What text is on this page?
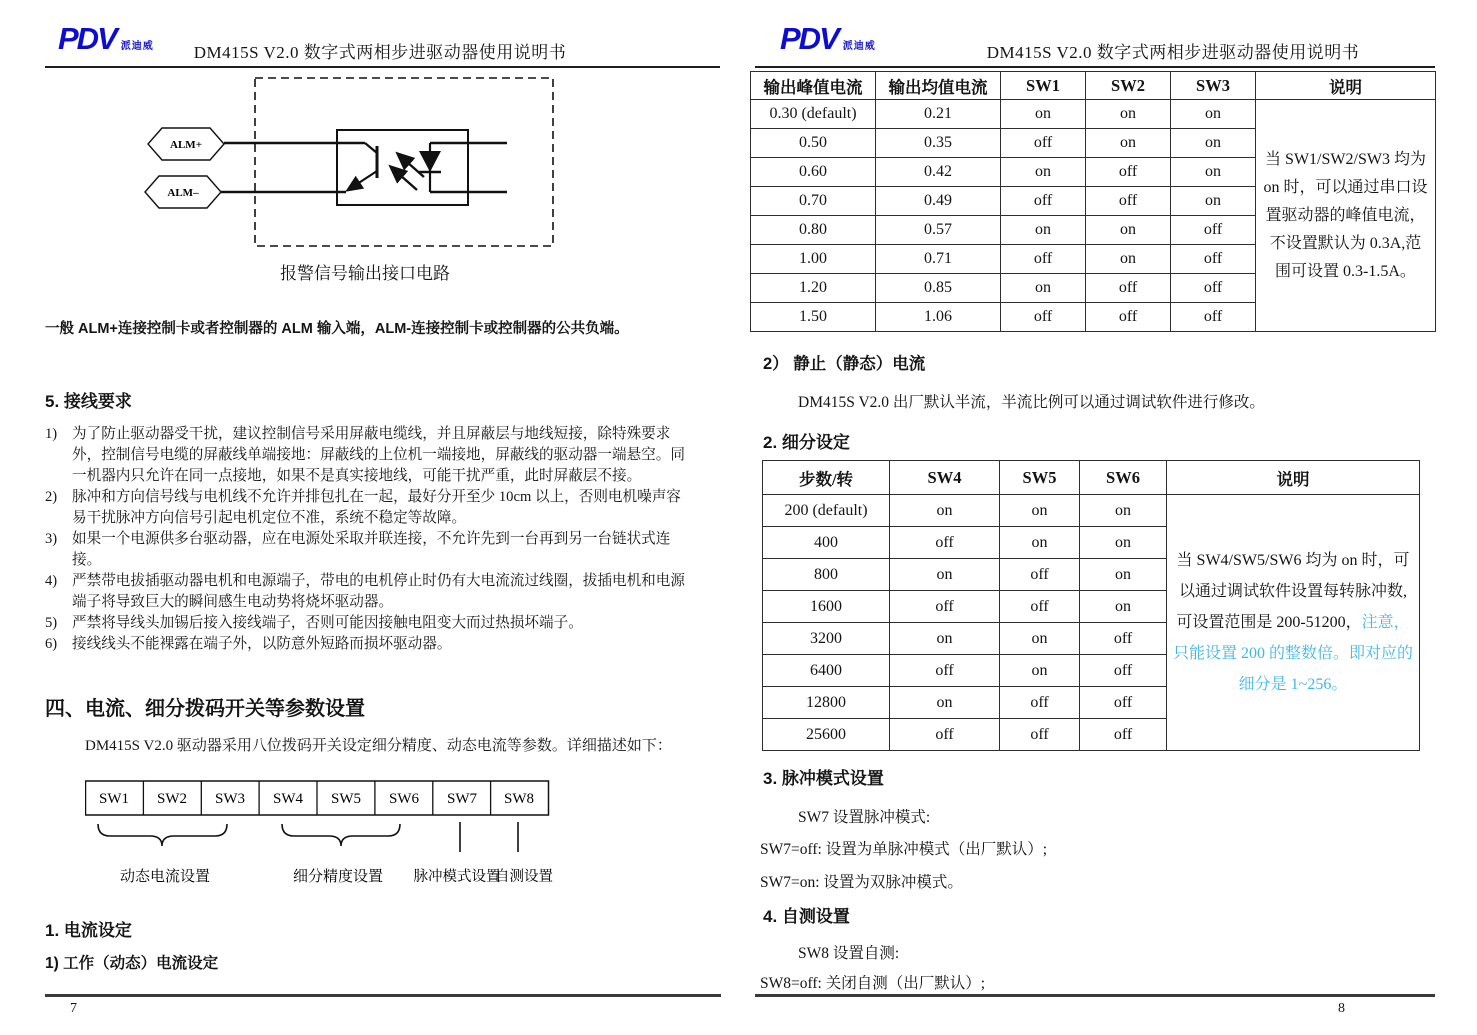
PDV 派迪威	DM415S V2.0 数字式两相步进驱动器使用说明书
ALM+
ALM–
报警信号输出接口电路
一般 ALM+连接控制卡或者控制器的 ALM 输入端，ALM-连接控制卡或控制器的公共负端。
5. 接线要求
1)	为了防止驱动器受干扰，建议控制信号采用屏蔽电缆线，并且屏蔽层与地线短接，除特殊要求外，控制信号电缆的屏蔽线单端接地：屏蔽线的上位机一端接地，屏蔽线的驱动器一端悬空。同一机器内只允许在同一点接地，如果不是真实接地线，可能干扰严重，此时屏蔽层不接。
2)	脉冲和方向信号线与电机线不允许并排包扎在一起，最好分开至少 10cm 以上，否则电机噪声容易干扰脉冲方向信号引起电机定位不准，系统不稳定等故障。
3)	如果一个电源供多台驱动器，应在电源处采取并联连接，不允许先到一台再到另一台链状式连接。
4)	严禁带电拔插驱动器电机和电源端子，带电的电机停止时仍有大电流流过线圈，拔插电机和电源端子将导致巨大的瞬间感生电动势将烧坏驱动器。
5)	严禁将导线头加锡后接入接线端子，否则可能因接触电阻变大而过热损坏端子。
6)	接线线头不能裸露在端子外，以防意外短路而损坏驱动器。
四、电流、细分拨码开关等参数设置
DM415S V2.0 驱动器采用八位拨码开关设定细分精度、动态电流等参数。详细描述如下：
SW1 SW2 SW3 SW4 SW5 SW6 SW7 SW8
动态电流设置	细分精度设置 脉冲模式设置
自测设置
1. 电流设定
1) 工作（动态）电流设定
7
PDV 派迪威	DM415S V2.0 数字式两相步进驱动器使用说明书
输出峰值电流	输出均值电流	SW1	SW2	SW3	说明
0.30 (default)	0.21	on	on	on	当 SW1/SW2/SW3 均为 on 时，可以通过串口设置驱动器的峰值电流，不设置默认为 0.3A,范围可设置 0.3-1.5A。
0.50	0.35	off	on	on	
0.60	0.42	on	off	on	
0.70	0.49	off	off	on	
0.80	0.57	on	on	off	
1.00	0.71	off	on	off	
1.20	0.85	on	off	off	
1.50	1.06	off	off	off	
2） 静止（静态）电流
DM415S V2.0 出厂默认半流，半流比例可以通过调试软件进行修改。
2. 细分设定
步数/转	SW4	SW5	SW6	说明
200 (default)	on	on	on	当 SW4/SW5/SW6 均为 on 时，可以通过调试软件设置每转脉冲数,可设置范围是 200-51200，注意，只能设置 200 的整数倍。即对应的细分是 1~256。
400	off	on	on	
800	on	off	on	
1600	off	off	on	
3200	on	on	off	
6400	off	on	off	
12800	on	off	off	
25600	off	off	off	
3. 脉冲模式设置
SW7 设置脉冲模式:
SW7=off: 设置为单脉冲模式（出厂默认）;
SW7=on: 设置为双脉冲模式。
4. 自测设置
SW8 设置自测:
SW8=off: 关闭自测（出厂默认）;
8
